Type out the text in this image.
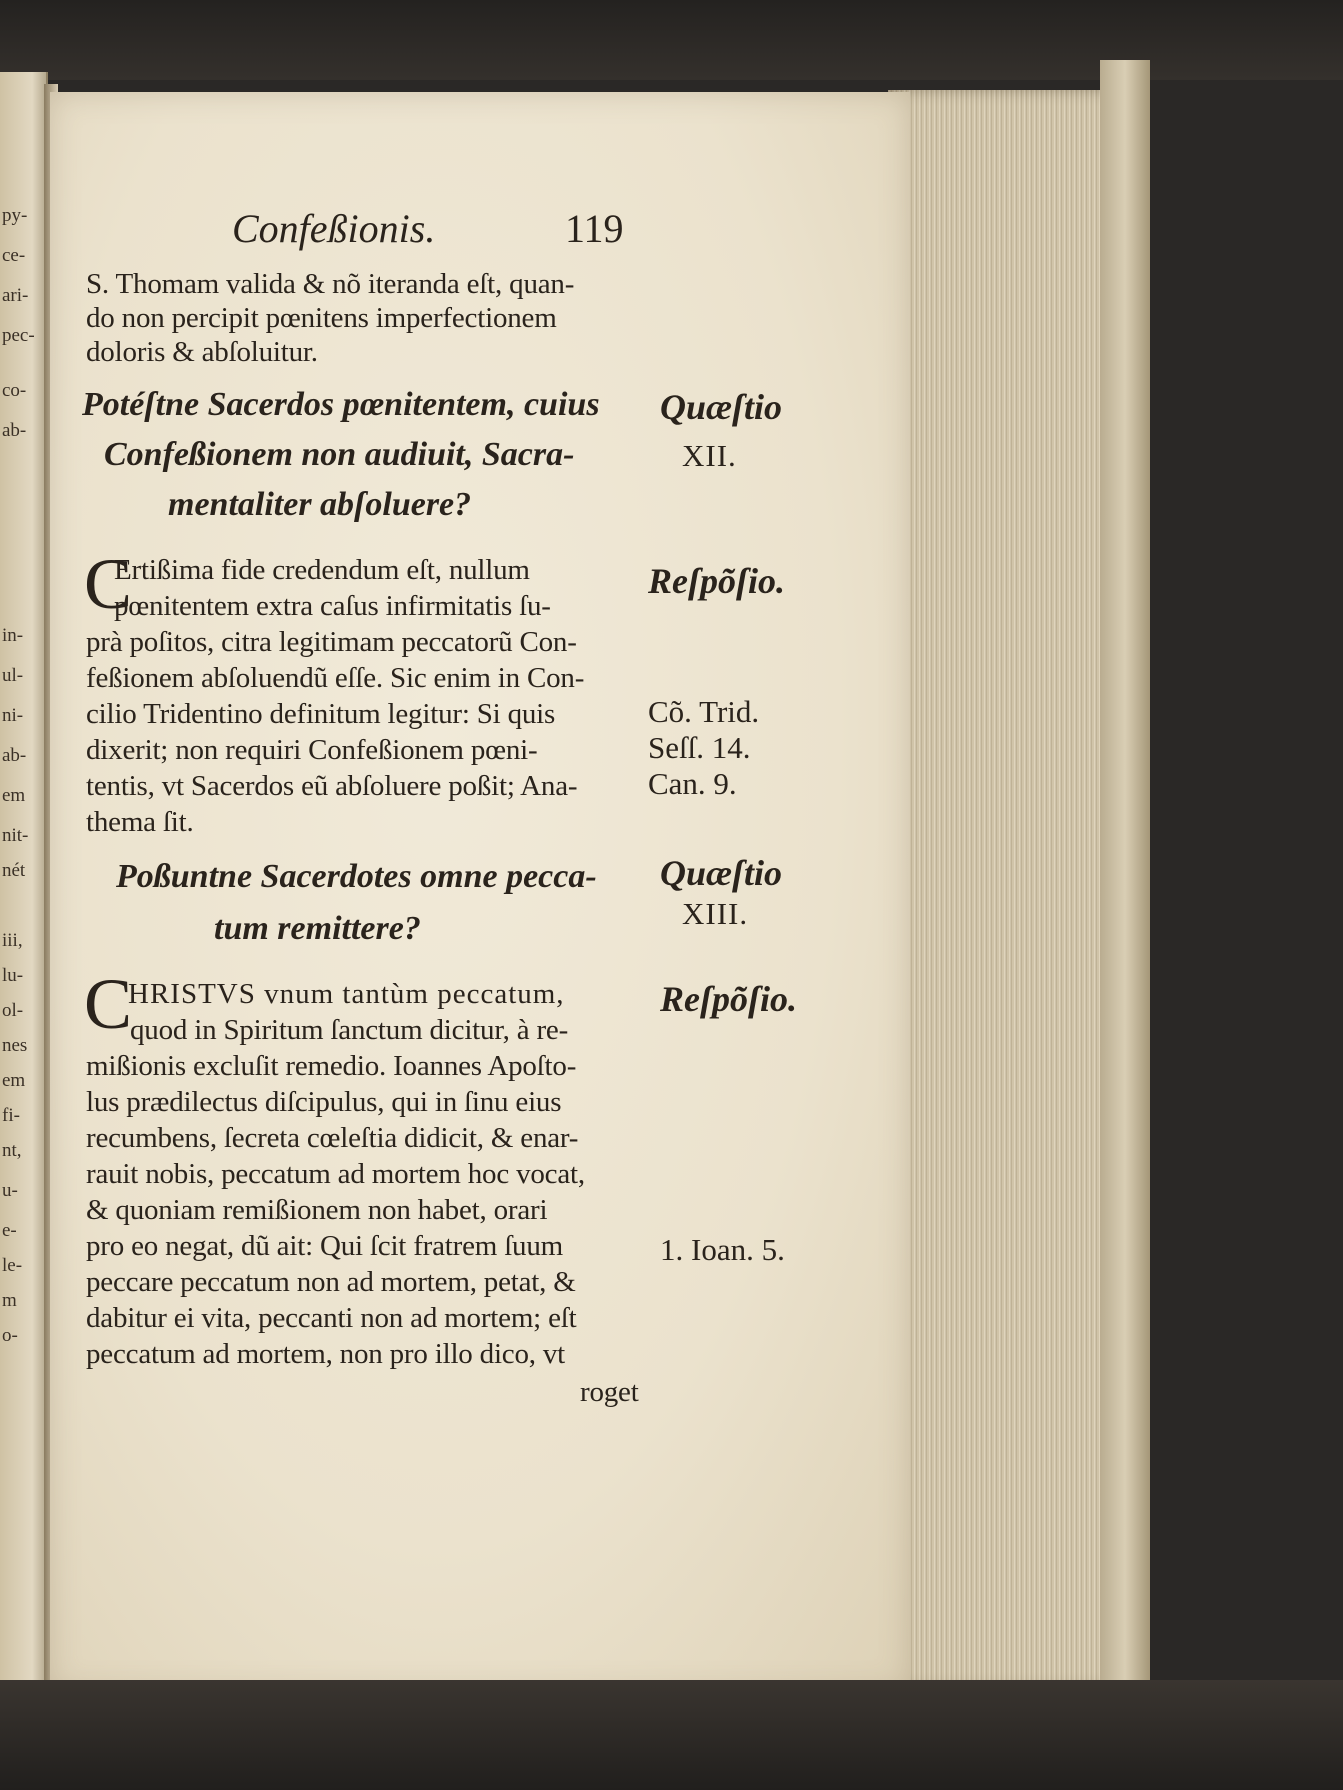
py-
ce-
ari-
pec-
co-
ab-
in-
ul-
ni-
ab-
em
nit-
nét
iii,
lu-
ol-
nes
em
fi-
nt,
u-
e-
le-
m
o-
Confeßionis.	119
S. Thomam valida & nõ iteranda eſt, quan-
do non percipit pœnitens imperfectionem
doloris & abſoluitur.
Potéſtne Sacerdos pœnitentem, cuius
Confeßionem non audiuit, Sacra-
mentaliter abſoluere?
Quæſtio
XII.
C
Ertißima fide credendum eſt, nullum
pœnitentem extra caſus infirmitatis ſu-
prà poſitos, citra legitimam peccatorũ Con-
feßionem abſoluendũ eſſe. Sic enim in Con-
cilio Tridentino definitum legitur: Si quis
dixerit; non requiri Confeßionem pœni-
tentis, vt Sacerdos eũ abſoluere poßit; Ana-
thema ſit.
Reſpõſio.
Cõ. Trid.
Seſſ. 14.
Can. 9.
Poßuntne Sacerdotes omne pecca-
tum remittere?
Quæſtio
XIII.
C
HRISTVS vnum tantùm peccatum,
quod in Spiritum ſanctum dicitur, à re-
mißionis excluſit remedio. Ioannes Apoſto-
lus prædilectus diſcipulus, qui in ſinu eius
recumbens, ſecreta cœleſtia didicit, & enar-
rauit nobis, peccatum ad mortem hoc vocat,
& quoniam remißionem non habet, orari
pro eo negat, dũ ait: Qui ſcit fratrem ſuum
peccare peccatum non ad mortem, petat, &
dabitur ei vita, peccanti non ad mortem; eſt
peccatum ad mortem, non pro illo dico, vt
roget
Reſpõſio.
1. Ioan. 5.
